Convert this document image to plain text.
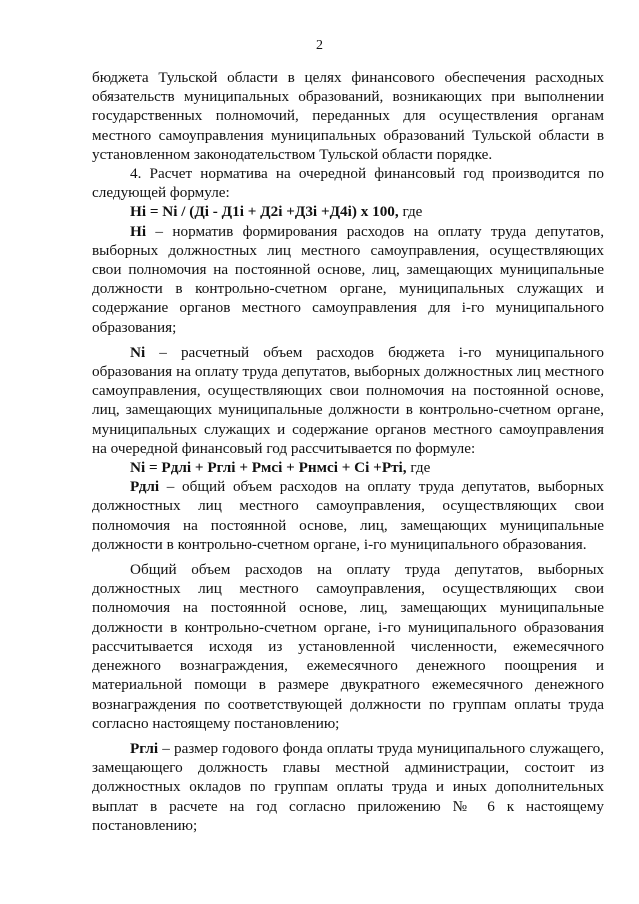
2

бюджета Тульской области в целях финансового обеспечения расходных обязательств муниципальных образований, возникающих при выполнении государственных полномочий, переданных для осуществления органам местного самоуправления муниципальных образований Тульской области в установленном законодательством Тульской области порядке.

4. Расчет норматива на очередной финансовый год производится по следующей формуле:

Hi = Ni / (Дi - Д1i + Д2i +Д3i +Д4i) х 100, где

Hi – норматив формирования расходов на оплату труда депутатов, выборных должностных лиц местного самоуправления, осуществляющих свои полномочия на постоянной основе, лиц, замещающих муниципальные должности в контрольно-счетном органе, муниципальных служащих и содержание органов местного самоуправления для i-го муниципального образования;

Ni – расчетный объем расходов бюджета i-го муниципального образования на оплату труда депутатов, выборных должностных лиц местного самоуправления, осуществляющих свои полномочия на постоянной основе, лиц, замещающих муниципальные должности в контрольно-счетном органе, муниципальных служащих и содержание органов местного самоуправления на очередной финансовый год рассчитывается по формуле:

Ni = Pдлi + Pглi + Pмсi + Pнмсi + Ci +Pтi, где

Рдлi – общий объем расходов на оплату труда депутатов, выборных должностных лиц местного самоуправления, осуществляющих свои полномочия на постоянной основе, лиц, замещающих муниципальные должности в контрольно-счетном органе, i-го муниципального образования.

Общий объем расходов на оплату труда депутатов, выборных должностных лиц местного самоуправления, осуществляющих свои полномочия на постоянной основе, лиц, замещающих муниципальные должности в контрольно-счетном органе, i-го муниципального образования рассчитывается исходя из установленной численности, ежемесячного денежного вознаграждения, ежемесячного денежного поощрения и материальной помощи в размере двукратного ежемесячного денежного вознаграждения по соответствующей должности по группам оплаты труда согласно настоящему постановлению;

Рглi – размер годового фонда оплаты труда муниципального служащего, замещающего должность главы местной администрации, состоит из должностных окладов по группам оплаты труда и иных дополнительных выплат в расчете на год согласно приложению № 6 к настоящему постановлению;
